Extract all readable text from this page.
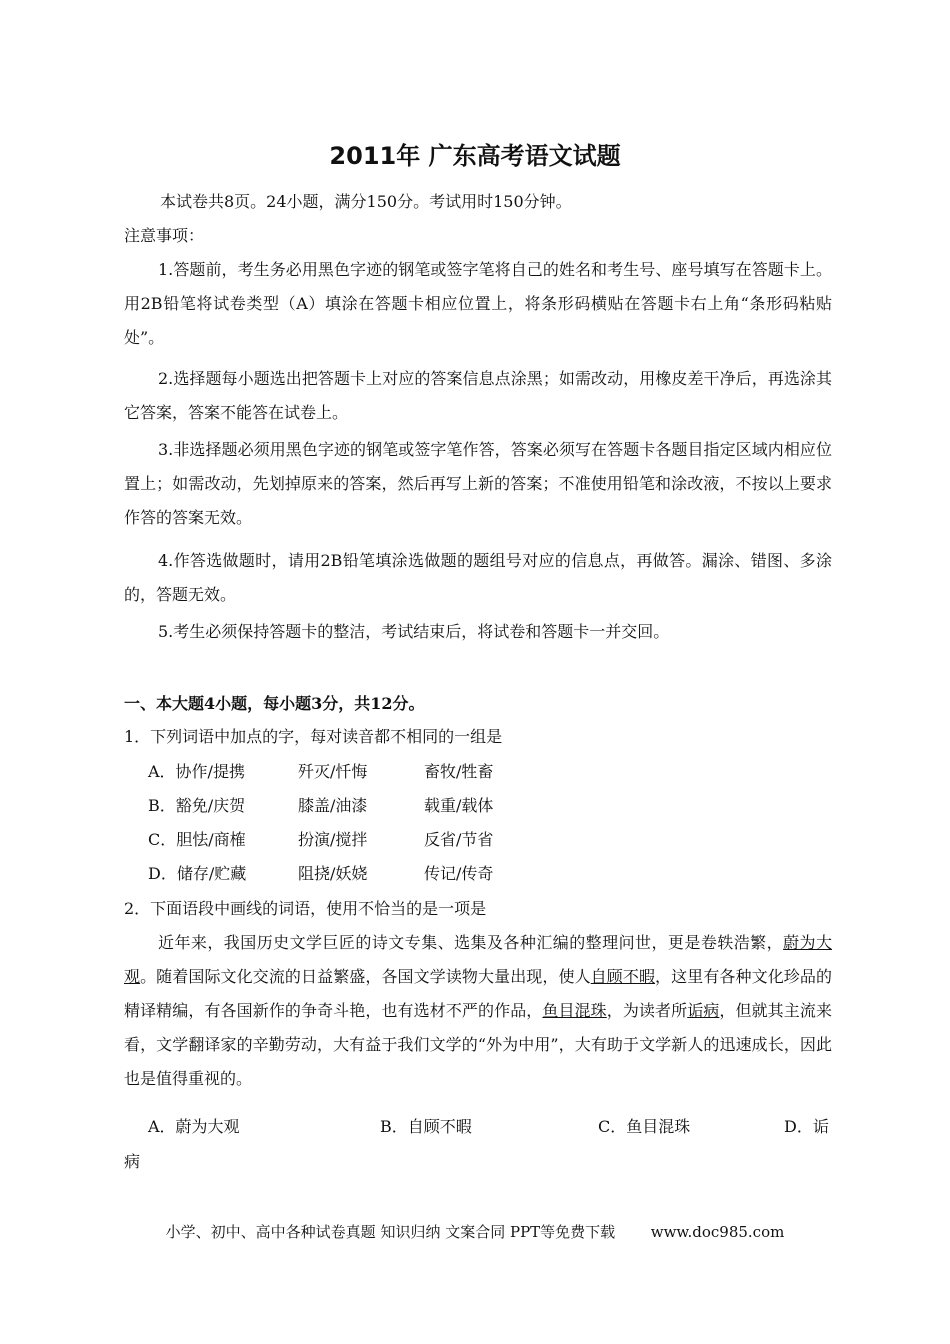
2011年 广东高考语文试题
本试卷共8页。24小题，满分150分。考试用时150分钟。
注意事项：
1.答题前，考生务必用黑色字迹的钢笔或签字笔将自己的姓名和考生号、座号填写在答题卡上。用2B铅笔将试卷类型（A）填涂在答题卡相应位置上，将条形码横贴在答题卡右上角“条形码粘贴处”。
2.选择题每小题选出把答题卡上对应的答案信息点涂黑；如需改动，用橡皮差干净后，再选涂其它答案，答案不能答在试卷上。
3.非选择题必须用黑色字迹的钢笔或签字笔作答，答案必须写在答题卡各题目指定区域内相应位置上；如需改动，先划掉原来的答案，然后再写上新的答案；不准使用铅笔和涂改液，不按以上要求作答的答案无效。
4.作答选做题时，请用2B铅笔填涂选做题的题组号对应的信息点，再做答。漏涂、错图、多涂的，答题无效。
5.考生必须保持答题卡的整洁，考试结束后，将试卷和答题卡一并交回。
一、本大题4小题，每小题3分，共12分。
1．下列词语中加点的字，每对读音都不相同的一组是
A．协作/提携	歼灭/忏悔	畜牧/牲畜
B．豁免/庆贺	膝盖/油漆	载重/载体
C．胆怯/商榷	扮演/搅拌	反省/节省
D．储存/贮藏	阻挠/妖娆	传记/传奇
2．下面语段中画线的词语，使用不恰当的是一项是
近年来，我国历史文学巨匠的诗文专集、选集及各种汇编的整理问世，更是卷轶浩繁，蔚为大观。随着国际文化交流的日益繁盛，各国文学读物大量出现，使人自顾不暇，这里有各种文化珍品的精译精编，有各国新作的争奇斗艳，也有选材不严的作品，鱼目混珠，为读者所诟病，但就其主流来看，文学翻译家的辛勤劳动，大有益于我们文学的“外为中用”，大有助于文学新人的迅速成长，因此也是值得重视的。
A．蔚为大观	B．自顾不暇	C．鱼目混珠	D．诟
病
小学、初中、高中各种试卷真题 知识归纳 文案合同 PPT等免费下载 www.doc985.com
